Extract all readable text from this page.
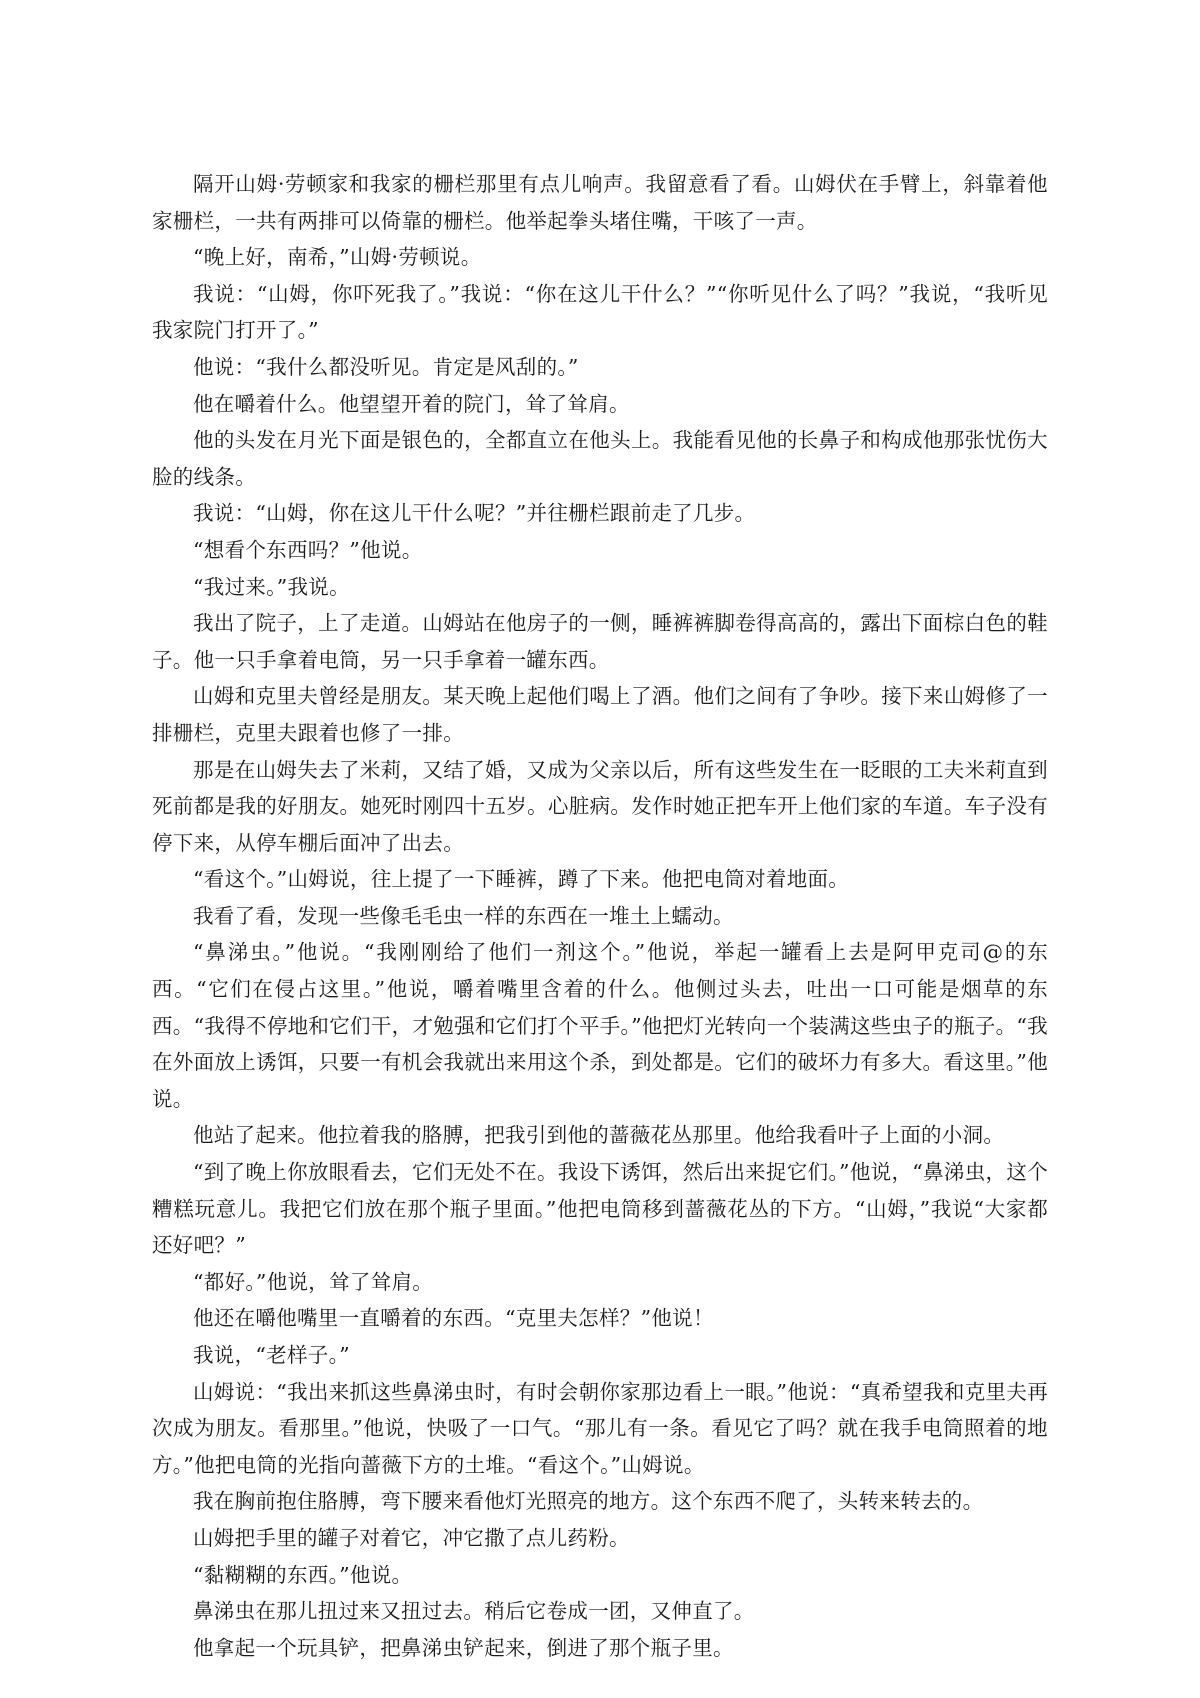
隔开山姆·劳顿家和我家的栅栏那里有点儿响声。我留意看了看。山姆伏在手臂上，斜靠着他家栅栏，一共有两排可以倚靠的栅栏。他举起拳头堵住嘴，干咳了一声。

“晚上好，南希，”山姆·劳顿说。

我说：“山姆，你吓死我了。”我说：“你在这儿干什么？”“你听见什么了吗？”我说，“我听见我家院门打开了。”

他说：“我什么都没听见。肯定是风刮的。”

他在嚼着什么。他望望开着的院门，耸了耸肩。

他的头发在月光下面是银色的，全都直立在他头上。我能看见他的长鼻子和构成他那张忧伤大脸的线条。

我说：“山姆，你在这儿干什么呢？”并往栅栏跟前走了几步。

“想看个东西吗？”他说。

“我过来。”我说。

我出了院子，上了走道。山姆站在他房子的一侧，睡裤裤脚卷得高高的，露出下面棕白色的鞋子。他一只手拿着电筒，另一只手拿着一罐东西。

山姆和克里夫曾经是朋友。某天晚上起他们喝上了酒。他们之间有了争吵。接下来山姆修了一排栅栏，克里夫跟着也修了一排。

那是在山姆失去了米莉，又结了婚，又成为父亲以后，所有这些发生在一眨眼的工夫米莉直到死前都是我的好朋友。她死时刚四十五岁。心脏病。发作时她正把车开上他们家的车道。车子没有停下来，从停车棚后面冲了出去。

“看这个。”山姆说，往上提了一下睡裤，蹲了下来。他把电筒对着地面。

我看了看，发现一些像毛毛虫一样的东西在一堆土上蠕动。

“鼻涕虫。”他说。“我刚刚给了他们一剂这个。”他说，举起一罐看上去是阿甲克司@的东西。“它们在侵占这里。”他说，嚼着嘴里含着的什么。他侧过头去，吐出一口可能是烟草的东西。“我得不停地和它们干，才勉强和它们打个平手。”他把灯光转向一个装满这些虫子的瓶子。“我在外面放上诱饵，只要一有机会我就出来用这个杀，到处都是。它们的破坏力有多大。看这里。”他说。

他站了起来。他拉着我的胳膊，把我引到他的蔷薇花丛那里。他给我看叶子上面的小洞。

“到了晚上你放眼看去，它们无处不在。我设下诱饵，然后出来捉它们。”他说，“鼻涕虫，这个糟糕玩意儿。我把它们放在那个瓶子里面。”他把电筒移到蔷薇花丛的下方。“山姆，”我说“大家都还好吧？”

“都好。”他说，耸了耸肩。

他还在嚼他嘴里一直嚼着的东西。“克里夫怎样？”他说！

我说，“老样子。”

山姆说：“我出来抓这些鼻涕虫时，有时会朝你家那边看上一眼。”他说：“真希望我和克里夫再次成为朋友。看那里。”他说，快吸了一口气。“那儿有一条。看见它了吗？就在我手电筒照着的地方。”他把电筒的光指向蔷薇下方的土堆。“看这个。”山姆说。

我在胸前抱住胳膊，弯下腰来看他灯光照亮的地方。这个东西不爬了，头转来转去的。

山姆把手里的罐子对着它，冲它撒了点儿药粉。

“黏糊糊的东西。”他说。

鼻涕虫在那儿扭过来又扭过去。稍后它卷成一团，又伸直了。

他拿起一个玩具铲，把鼻涕虫铲起来，倒进了那个瓶子里。
